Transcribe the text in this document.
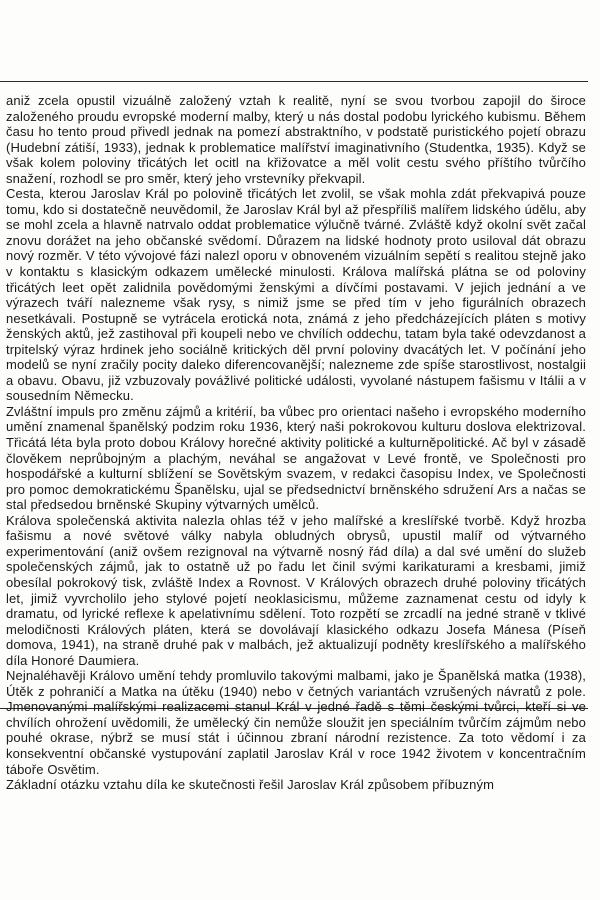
aniž zcela opustil vizuálně založený vztah k realitě, nyní se svou tvorbou zapojil do široce založeného proudu evropské moderní malby, který u nás dostal podobu lyrického kubismu. Během času ho tento proud přivedl jednak na pomezí abstraktního, v podstatě puristického pojetí obrazu (Hudební zátiší, 1933), jednak k problematice malířství imaginativního (Studentka, 1935). Když se však kolem poloviny třicátých let ocitl na křižovatce a měl volit cestu svého příštího tvůrčího snažení, rozhodl se pro směr, který jeho vrstevníky překvapil.

Cesta, kterou Jaroslav Král po polovině třicátých let zvolil, se však mohla zdát překvapivá pouze tomu, kdo si dostatečně neuvědomil, že Jaroslav Král byl až přespříliš malířem lidského údělu, aby se mohl zcela a hlavně natrvalo oddat problematice výlučně tvárné. Zvláště když okolní svět začal znovu dorážet na jeho občanské svědomí. Důrazem na lidské hodnoty proto usiloval dát obrazu nový rozměr. V této vývojové fázi nalezl oporu v obnoveném vizuálním sepětí s realitou stejně jako v kontaktu s klasickým odkazem umělecké minulosti. Králova malířská plátna se od poloviny třicátých leet opět zalidnila povědomými ženskými a dívčími postavami. V jejich jednání a ve výrazech tváří nalezneme však rysy, s nimiž jsme se před tím v jeho figurálních obrazech nesetkávali. Postupně se vytrácela erotická nota, známá z jeho předcházejících pláten s motivy ženských aktů, jež zastihoval při koupeli nebo ve chvílích oddechu, tatam byla také odevzdanost a trpitelský výraz hrdinek jeho sociálně kritických děl první poloviny dvacátých let. V počínání jeho modelů se nyní zračily pocity daleko diferencovanější; nalezneme zde spíše starostlivost, nostalgii a obavu. Obavu, již vzbuzovaly povážlivé politické události, vyvolané nástupem fašismu v Itálii a v sousedním Německu.

Zvláštní impuls pro změnu zájmů a kritérií, ba vůbec pro orientaci našeho i evropského moderního umění znamenal španělský podzim roku 1936, který naši pokrokovou kulturu doslova elektrizoval. Třicátá léta byla proto dobou Královy horečné aktivity politické a kulturněpolitické. Ač byl v zásadě člověkem neprůbojným a plachým, neváhal se angažovat v Levé frontě, ve Společnosti pro hospodářské a kulturní sblížení se Sovětským svazem, v redakci časopisu Index, ve Společnosti pro pomoc demokratickému Španělsku, ujal se předsednictví brněnského sdružení Ars a načas se stal předsedou brněnské Skupiny výtvarných umělců.

Králova společenská aktivita nalezla ohlas též v jeho malířské a kreslířské tvorbě. Když hrozba fašismu a nové světové války nabyla obludných obrysů, upustil malíř od výtvarného experimentování (aniž ovšem rezignoval na výtvarně nosný řád díla) a dal své umění do služeb společenských zájmů, jak to ostatně už po řadu let činil svými karikaturami a kresbami, jimiž obesílal pokrokový tisk, zvláště Index a Rovnost. V Králových obrazech druhé poloviny třicátých let, jimiž vyvrcholilo jeho stylové pojetí neoklasicismu, můžeme zaznamenat cestu od idyly k dramatu, od lyrické reflexe k apelativnímu sdělení. Toto rozpětí se zrcadlí na jedné straně v tklivé melodičnosti Králových pláten, která se dovolávají klasického odkazu Josefa Mánesa (Píseň domova, 1941), na straně druhé pak v malbách, jež aktualizují podněty kreslířského a malířského díla Honoré Daumiera.

Nejnaléhavěji Královo umění tehdy promluvilo takovými malbami, jako je Španělská matka (1938), Útěk z pohraničí a Matka na útěku (1940) nebo v četných variantách vzrušených návratů z pole. Jmenovanými malířskými realizacemi stanul Král v jedné řadě s těmi českými tvůrci, kteří si ve chvílích ohrožení uvědomili, že umělecký čin nemůže sloužit jen speciálním tvůrčím zájmům nebo pouhé okrase, nýbrž se musí stát i účinnou zbraní národní rezistence. Za toto vědomí i za konsekventní občanské vystupování zaplatil Jaroslav Král v roce 1942 životem v koncentračním táboře Osvětim.

Základní otázku vztahu díla ke skutečnosti řešil Jaroslav Král způsobem příbuzným
